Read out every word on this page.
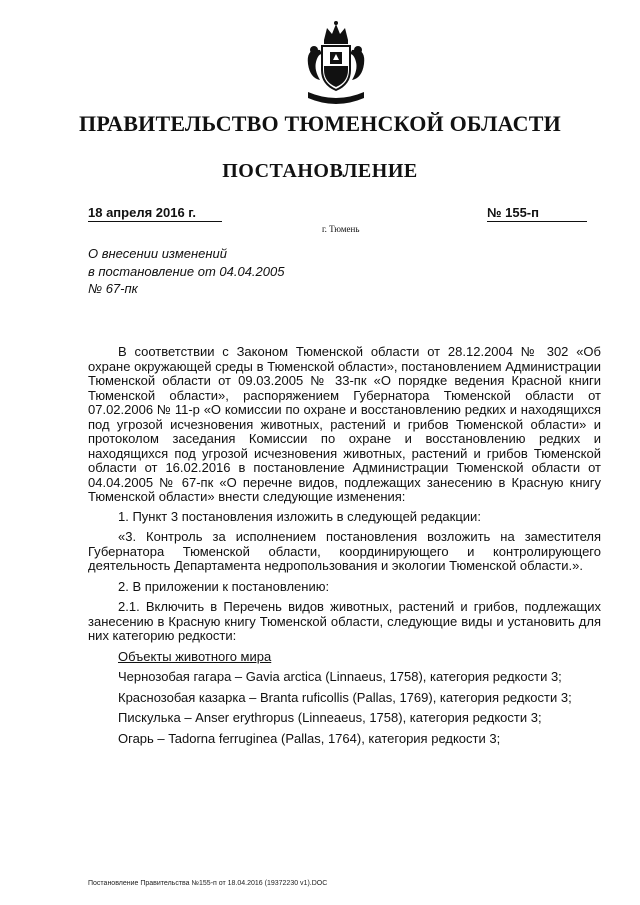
ПРАВИТЕЛЬСТВО ТЮМЕНСКОЙ ОБЛАСТИ
ПОСТАНОВЛЕНИЕ
18 апреля 2016 г.	№ 155-п
г. Тюмень
О внесении изменений
в постановление от 04.04.2005
№ 67-пк

В соответствии с Законом Тюменской области от 28.12.2004 № 302 «Об охране окружающей среды в Тюменской области», постановлением Администрации Тюменской области от 09.03.2005 № 33-пк «О порядке ведения Красной книги Тюменской области», распоряжением Губернатора Тюменской области от 07.02.2006 № 11-р «О комиссии по охране и восстановлению редких и находящихся под угрозой исчезновения животных, растений и грибов Тюменской области» и протоколом заседания Комиссии по охране и восстановлению редких и находящихся под угрозой исчезновения животных, растений и грибов Тюменской области от 16.02.2016 в постановление Администрации Тюменской области от 04.04.2005 № 67-пк «О перечне видов, подлежащих занесению в Красную книгу Тюменской области» внести следующие изменения:

1. Пункт 3 постановления изложить в следующей редакции:

«3. Контроль за исполнением постановления возложить на заместителя Губернатора Тюменской области, координирующего и контролирующего деятельность Департамента недропользования и экологии Тюменской области.».

2. В приложении к постановлению:

2.1. Включить в Перечень видов животных, растений и грибов, подлежащих занесению в Красную книгу Тюменской области, следующие виды и установить для них категорию редкости:

Объекты животного мира

Чернозобая гагара – Gavia arctica (Linnaeus, 1758), категория редкости 3;

Краснозобая казарка – Branta ruficollis (Pallas, 1769), категория редкости 3;

Пискулька – Anser erythropus (Linneaeus, 1758), категория редкости 3;

Огарь – Tadorna ferruginea (Pallas, 1764), категория редкости 3;

Постановление Правительства №155-п от 18.04.2016 (19372230 v1).DOC
